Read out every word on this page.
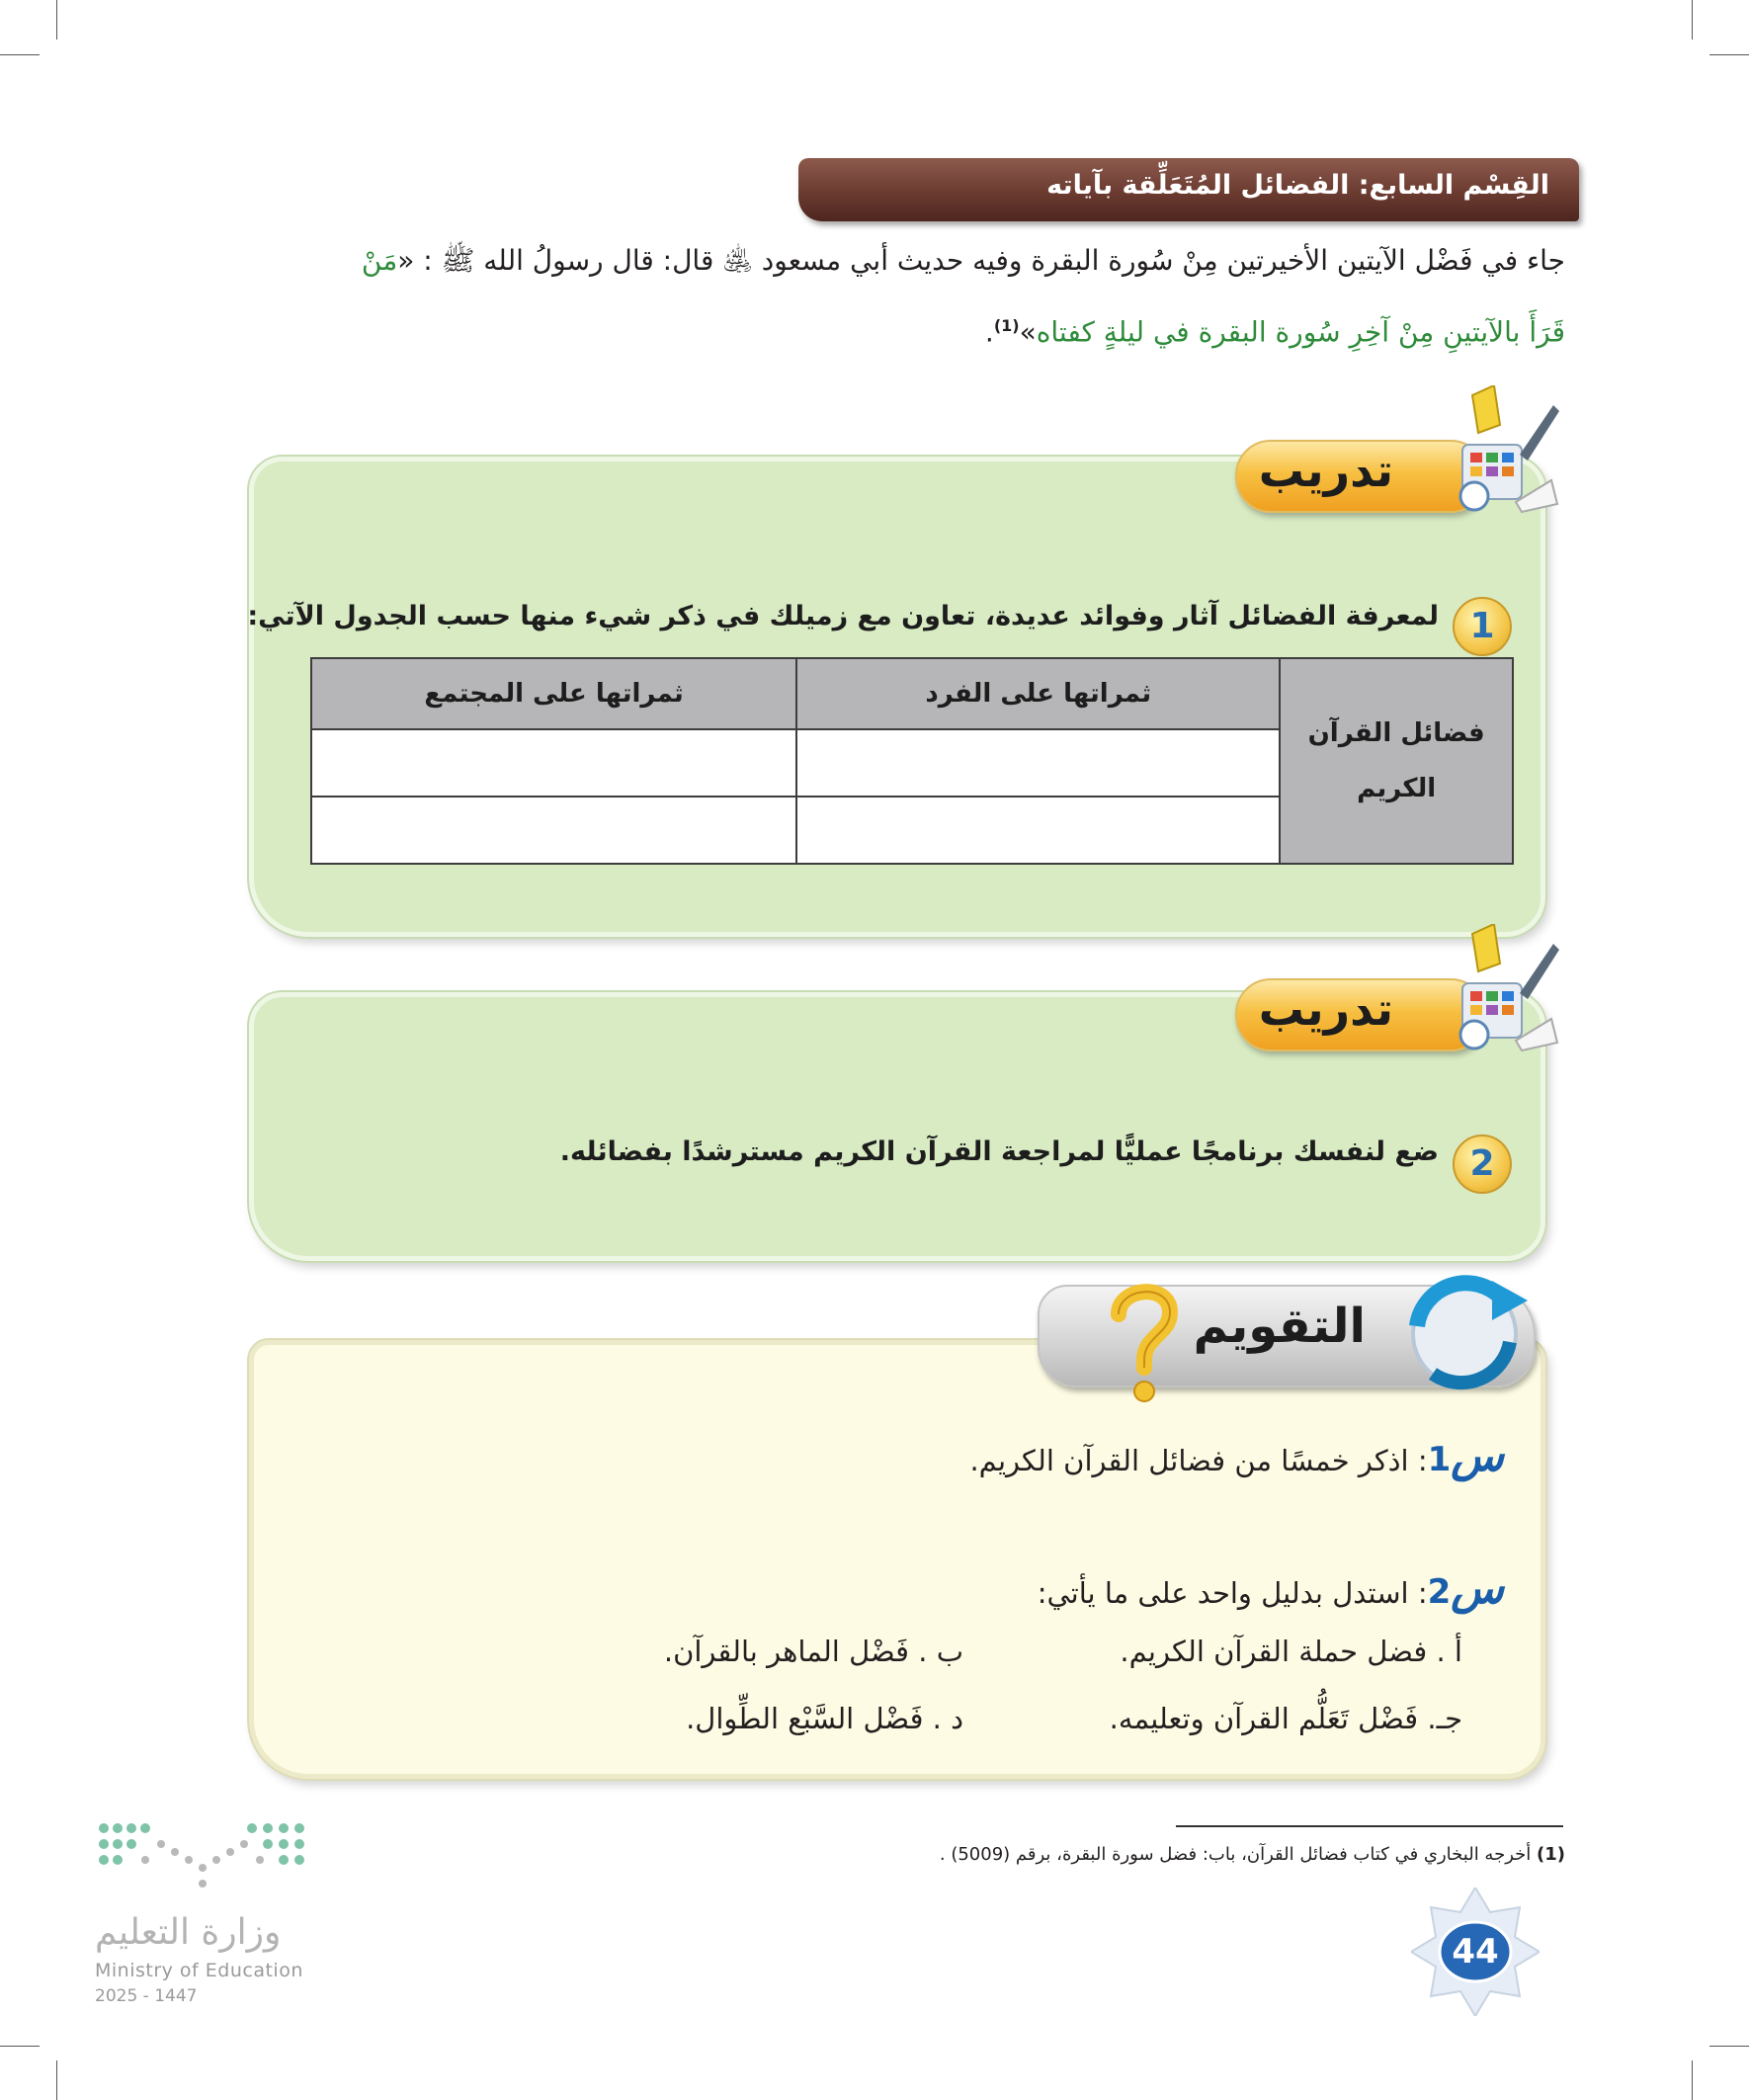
القِسْم السابع: الفضائل المُتَعَلِّقة بآياته
جاء في فَضْل الآيتين الأخيرتين مِنْ سُورة البقرة وفيه حديث أبي مسعود ﵁ قال: قال رسولُ الله ﷺ : «مَنْ
قَرَأَ بالآيتينِ مِنْ آخِرِ سُورة البقرة في ليلةٍ كفتاه»$^{(1)}$.
تدريب
1
لمعرفة الفضائل آثار وفوائد عديدة، تعاون مع زميلك في ذكر شيء منها حسب الجدول الآتي:
فضائل القرآن
الكريم	ثمراتها على الفرد	ثمراتها على المجتمع

تدريب
2
ضع لنفسك برنامجًا عمليًّا لمراجعة القرآن الكريم مسترشدًا بفضائله.
التقويم
س1: اذكر خمسًا من فضائل القرآن الكريم.
س2: استدل بدليل واحد على ما يأتي:
أ . فضل حملة القرآن الكريم.
ب . فَضْل الماهر بالقرآن.
جـ. فَضْل تَعَلُّم القرآن وتعليمه.
د . فَضْل السَّبْع الطِّوال.
(1) أخرجه البخاري في كتاب فضائل القرآن، باب: فضل سورة البقرة، برقم (5009) .
44
وزارة التعليم
Ministry of Education
2025 - 1447
